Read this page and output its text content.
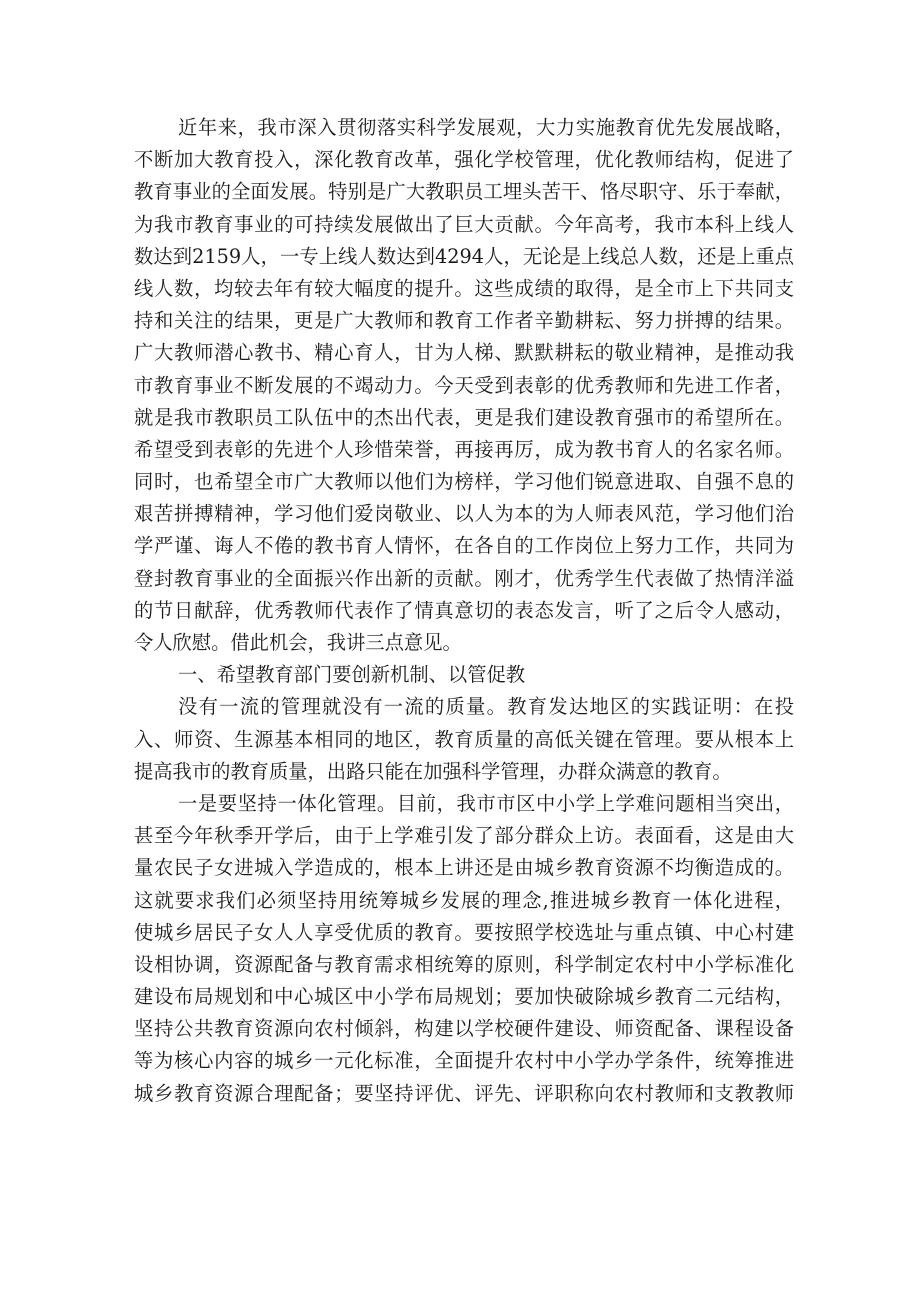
近年来，我市深入贯彻落实科学发展观，大力实施教育优先发展战略，
不断加大教育投入，深化教育改革，强化学校管理，优化教师结构，促进了
教育事业的全面发展。特别是广大教职员工埋头苦干、恪尽职守、乐于奉献，
为我市教育事业的可持续发展做出了巨大贡献。今年高考，我市本科上线人
数达到2159人，一专上线人数达到4294人，无论是上线总人数，还是上重点
线人数，均较去年有较大幅度的提升。这些成绩的取得，是全市上下共同支
持和关注的结果，更是广大教师和教育工作者辛勤耕耘、努力拼搏的结果。
广大教师潜心教书、精心育人，甘为人梯、默默耕耘的敬业精神，是推动我
市教育事业不断发展的不竭动力。今天受到表彰的优秀教师和先进工作者，
就是我市教职员工队伍中的杰出代表，更是我们建设教育强市的希望所在。
希望受到表彰的先进个人珍惜荣誉，再接再厉，成为教书育人的名家名师。
同时，也希望全市广大教师以他们为榜样，学习他们锐意进取、自强不息的
艰苦拼搏精神，学习他们爱岗敬业、以人为本的为人师表风范，学习他们治
学严谨、诲人不倦的教书育人情怀，在各自的工作岗位上努力工作，共同为
登封教育事业的全面振兴作出新的贡献。刚才，优秀学生代表做了热情洋溢
的节日献辞，优秀教师代表作了情真意切的表态发言，听了之后令人感动，
令人欣慰。借此机会，我讲三点意见。
一、希望教育部门要创新机制、以管促教
没有一流的管理就没有一流的质量。教育发达地区的实践证明：在投
入、师资、生源基本相同的地区，教育质量的高低关键在管理。要从根本上
提高我市的教育质量，出路只能在加强科学管理，办群众满意的教育。
一是要坚持一体化管理。目前，我市市区中小学上学难问题相当突出，
甚至今年秋季开学后，由于上学难引发了部分群众上访。表面看，这是由大
量农民子女进城入学造成的，根本上讲还是由城乡教育资源不均衡造成的。
这就要求我们必须坚持用统筹城乡发展的理念,推进城乡教育一体化进程，
使城乡居民子女人人享受优质的教育。要按照学校选址与重点镇、中心村建
设相协调，资源配备与教育需求相统筹的原则，科学制定农村中小学标准化
建设布局规划和中心城区中小学布局规划；要加快破除城乡教育二元结构，
坚持公共教育资源向农村倾斜，构建以学校硬件建设、师资配备、课程设备
等为核心内容的城乡一元化标准，全面提升农村中小学办学条件，统筹推进
城乡教育资源合理配备；要坚持评优、评先、评职称向农村教师和支教教师
